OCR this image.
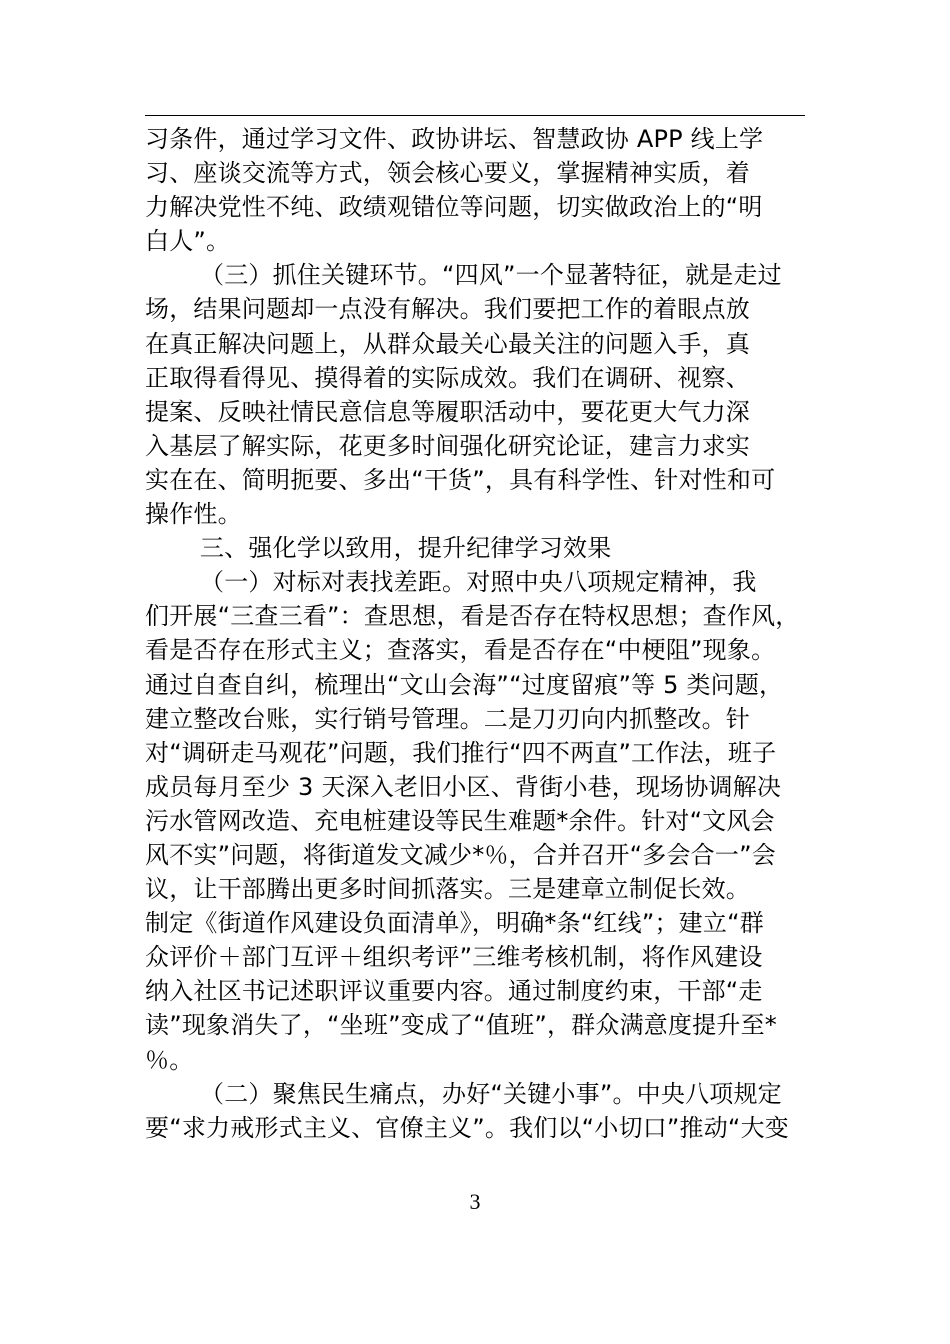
习条件，通过学习文件、政协讲坛、智慧政协 APP 线上学
习、座谈交流等方式，领会核心要义，掌握精神实质，着
力解决党性不纯、政绩观错位等问题，切实做政治上的“明
白人”。
（三）抓住关键环节。“四风”一个显著特征，就是走过
场，结果问题却一点没有解决。我们要把工作的着眼点放
在真正解决问题上，从群众最关心最关注的问题入手，真
正取得看得见、摸得着的实际成效。我们在调研、视察、
提案、反映社情民意信息等履职活动中，要花更大气力深
入基层了解实际，花更多时间强化研究论证，建言力求实
实在在、简明扼要、多出“干货”，具有科学性、针对性和可
操作性。
三、强化学以致用，提升纪律学习效果
（一）对标对表找差距。对照中央八项规定精神，我
们开展“三查三看”：查思想，看是否存在特权思想；查作风，
看是否存在形式主义；查落实，看是否存在“中梗阻”现象。
通过自查自纠，梳理出“文山会海”“过度留痕”等 5 类问题，
建立整改台账，实行销号管理。二是刀刃向内抓整改。针
对“调研走马观花”问题，我们推行“四不两直”工作法，班子
成员每月至少 3 天深入老旧小区、背街小巷，现场协调解决
污水管网改造、充电桩建设等民生难题*余件。针对“文风会
风不实”问题，将街道发文减少*％，合并召开“多会合一”会
议，让干部腾出更多时间抓落实。三是建章立制促长效。
制定《街道作风建设负面清单》，明确*条“红线”；建立“群
众评价＋部门互评＋组织考评”三维考核机制，将作风建设
纳入社区书记述职评议重要内容。通过制度约束，干部“走
读”现象消失了，“坐班”变成了“值班”，群众满意度提升至*
％。
（二）聚焦民生痛点，办好“关键小事”。中央八项规定
要“求力戒形式主义、官僚主义”。我们以“小切口”推动“大变
3
